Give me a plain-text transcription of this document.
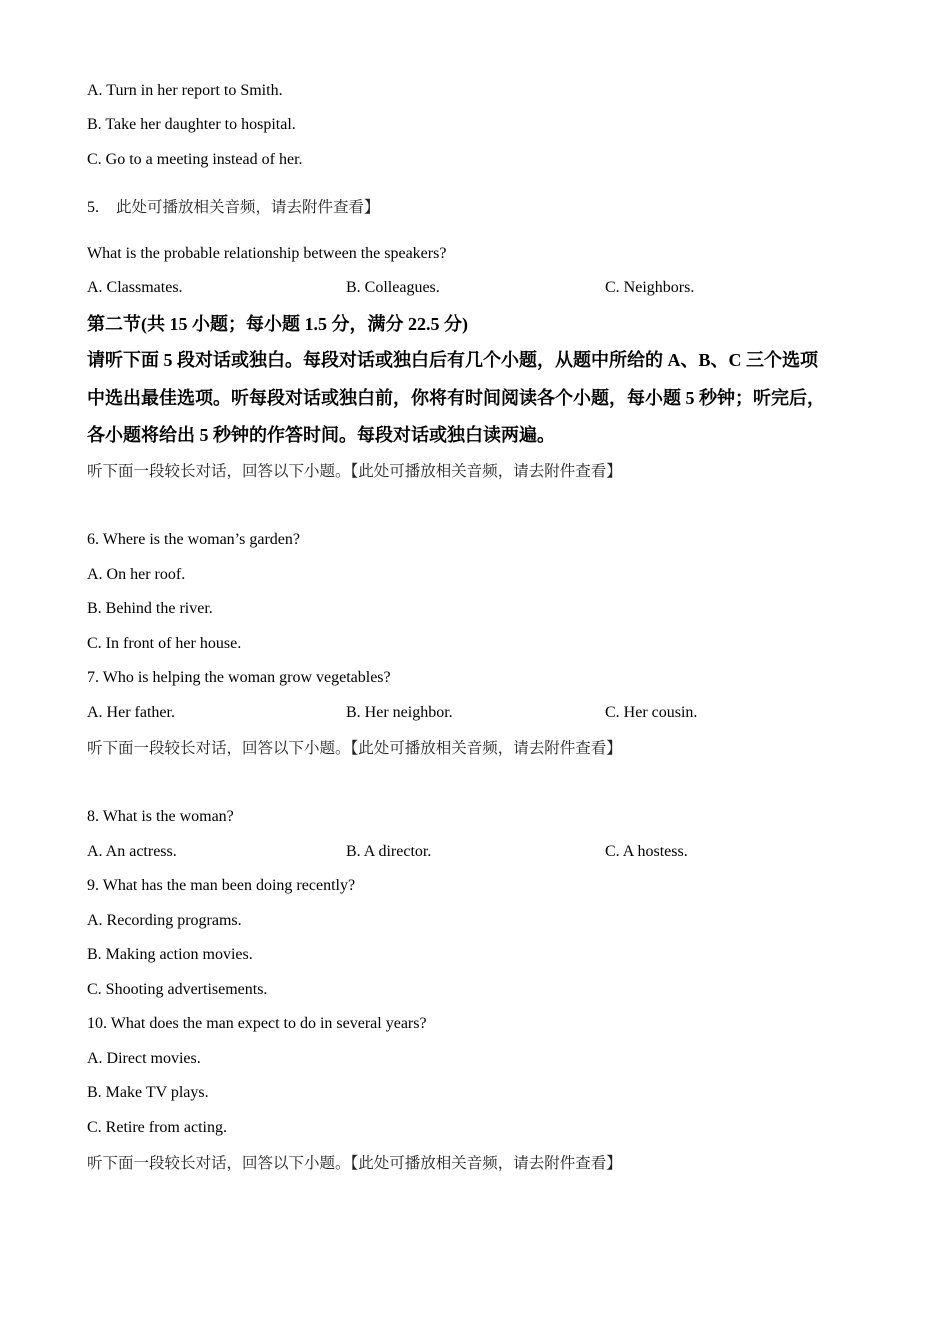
A. Turn in her report to Smith.
B. Take her daughter to hospital.
C. Go to a meeting instead of her.
5. 此处可播放相关音频，请去附件查看】
What is the probable relationship between the speakers?
A. Classmates.	B. Colleagues.	C. Neighbors.
第二节(共 15 小题；每小题 1.5 分，满分 22.5 分)
请听下面 5 段对话或独白。每段对话或独白后有几个小题，从题中所给的 A、B、C 三个选项
中选出最佳选项。听每段对话或独白前，你将有时间阅读各个小题，每小题 5 秒钟；听完后，
各小题将给出 5 秒钟的作答时间。每段对话或独白读两遍。
听下面一段较长对话，回答以下小题。【此处可播放相关音频，请去附件查看】
6. Where is the woman’s garden?
A. On her roof.
B. Behind the river.
C. In front of her house.
7. Who is helping the woman grow vegetables?
A. Her father.	B. Her neighbor.	C. Her cousin.
听下面一段较长对话，回答以下小题。【此处可播放相关音频，请去附件查看】
8. What is the woman?
A. An actress.	B. A director.	C. A hostess.
9. What has the man been doing recently?
A. Recording programs.
B. Making action movies.
C. Shooting advertisements.
10. What does the man expect to do in several years?
A. Direct movies.
B. Make TV plays.
C. Retire from acting.
听下面一段较长对话，回答以下小题。【此处可播放相关音频，请去附件查看】
